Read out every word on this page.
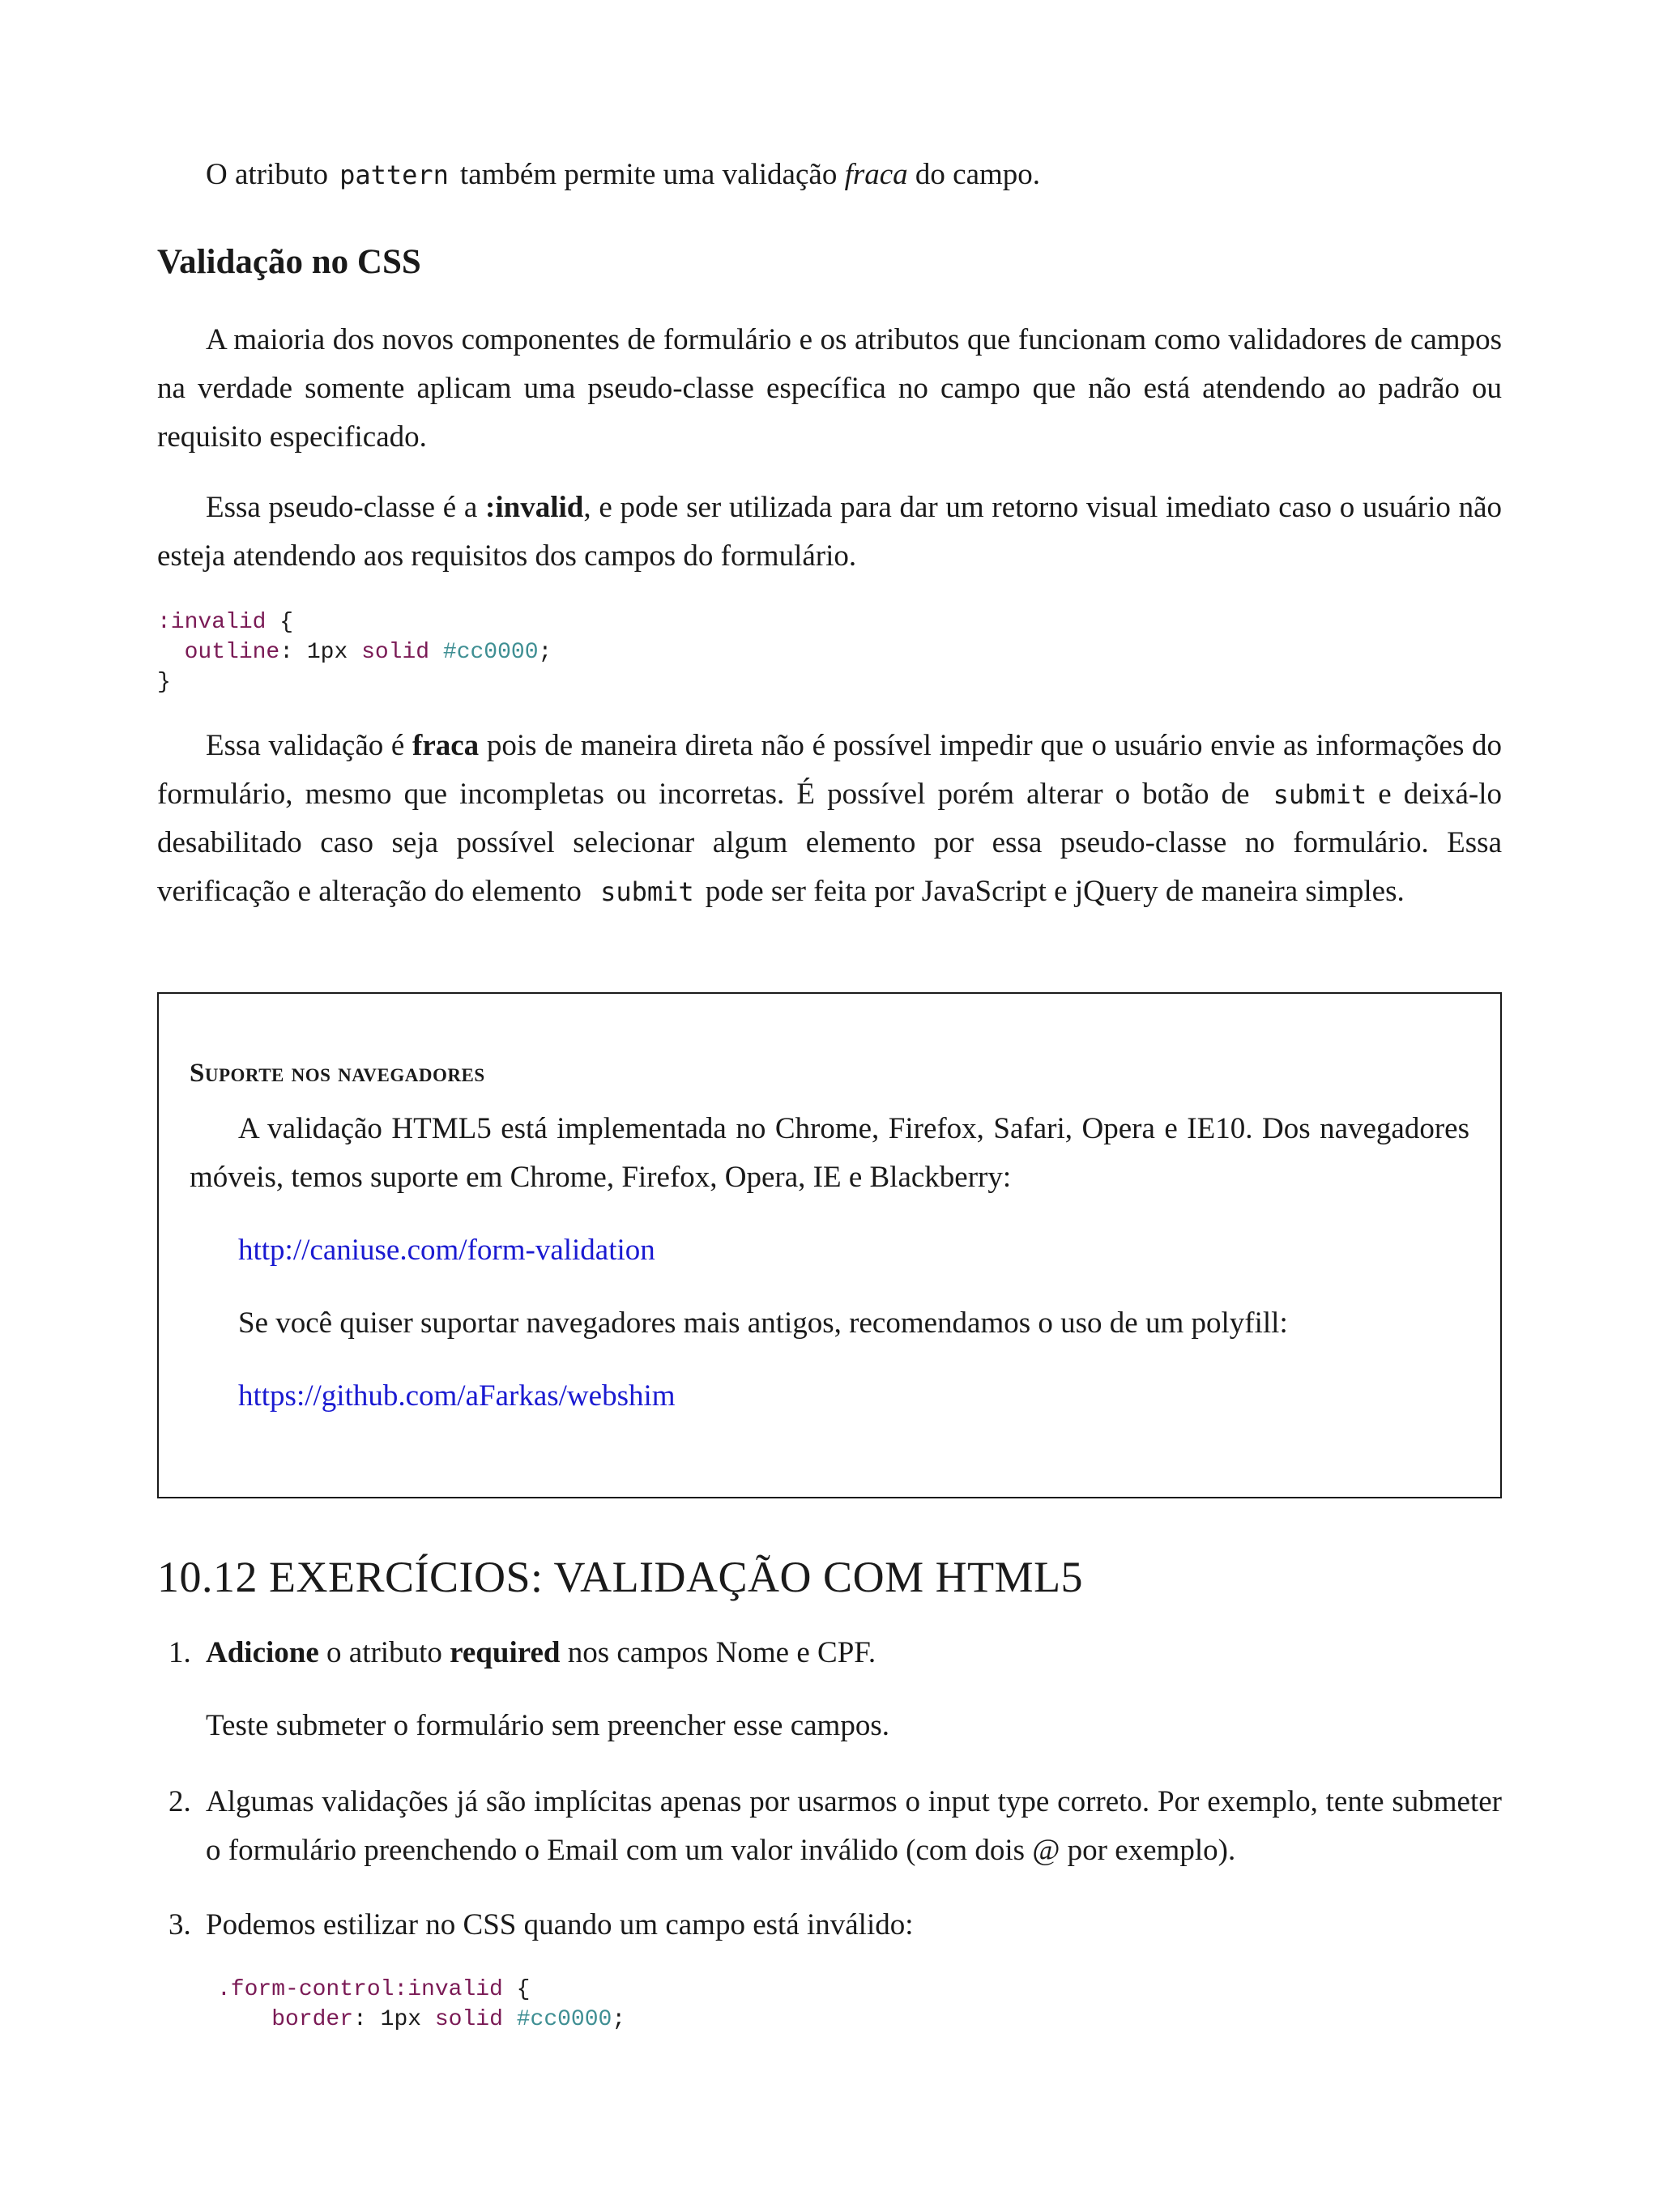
O atributo pattern também permite uma validação fraca do campo.

Validação no CSS

A maioria dos novos componentes de formulário e os atributos que funcionam como validadores de campos na verdade somente aplicam uma pseudo-classe específica no campo que não está atendendo ao padrão ou requisito especificado.

Essa pseudo-classe é a :invalid, e pode ser utilizada para dar um retorno visual imediato caso o usuário não esteja atendendo aos requisitos dos campos do formulário.

:invalid {
outline: 1px solid #cc0000;
}

Essa validação é fraca pois de maneira direta não é possível impedir que o usuário envie as informações do formulário, mesmo que incompletas ou incorretas. É possível porém alterar o botão de submit e deixá-lo desabilitado caso seja possível selecionar algum elemento por essa pseudo-classe no formulário. Essa verificação e alteração do elemento submit pode ser feita por JavaScript e jQuery de maneira simples.

Suporte nos navegadores

A validação HTML5 está implementada no Chrome, Firefox, Safari, Opera e IE10. Dos navegadores móveis, temos suporte em Chrome, Firefox, Opera, IE e Blackberry:

http://caniuse.com/form-validation

Se você quiser suportar navegadores mais antigos, recomendamos o uso de um polyfill:

https://github.com/aFarkas/webshim

10.12 EXERCÍCIOS: VALIDAÇÃO COM HTML5
1. Adicione o atributo required nos campos Nome e CPF.
Teste submeter o formulário sem preencher esse campos.
2. Algumas validações já são implícitas apenas por usarmos o input type correto. Por exemplo, tente submeter o formulário preenchendo o Email com um valor inválido (com dois @ por exemplo).
3. Podemos estilizar no CSS quando um campo está inválido:
.form-control:invalid {
border: 1px solid #cc0000;
